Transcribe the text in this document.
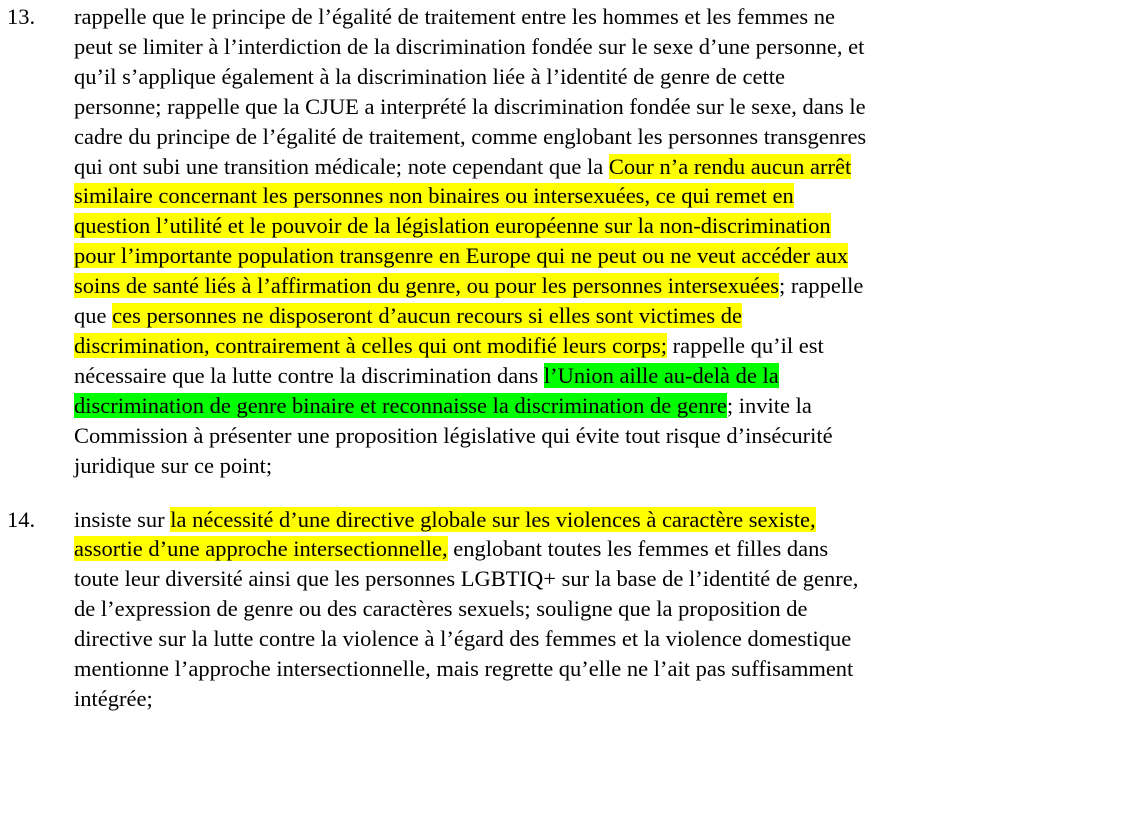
13. rappelle que le principe de l’égalité de traitement entre les hommes et les femmes ne
peut se limiter à l’interdiction de la discrimination fondée sur le sexe d’une personne, et
qu’il s’applique également à la discrimination liée à l’identité de genre de cette
personne; rappelle que la CJUE a interprété la discrimination fondée sur le sexe, dans le
cadre du principe de l’égalité de traitement, comme englobant les personnes transgenres
qui ont subi une transition médicale; note cependant que la Cour n’a rendu aucun arrêt
similaire concernant les personnes non binaires ou intersexuées, ce qui remet en
question l’utilité et le pouvoir de la législation européenne sur la non-discrimination
pour l’importante population transgenre en Europe qui ne peut ou ne veut accéder aux
soins de santé liés à l’affirmation du genre, ou pour les personnes intersexuées; rappelle
que ces personnes ne disposeront d’aucun recours si elles sont victimes de
discrimination, contrairement à celles qui ont modifié leurs corps; rappelle qu’il est
nécessaire que la lutte contre la discrimination dans l’Union aille au-delà de la
discrimination de genre binaire et reconnaisse la discrimination de genre; invite la
Commission à présenter une proposition législative qui évite tout risque d’insécurité
juridique sur ce point;
14. insiste sur la nécessité d’une directive globale sur les violences à caractère sexiste,
assortie d’une approche intersectionnelle, englobant toutes les femmes et filles dans
toute leur diversité ainsi que les personnes LGBTIQ+ sur la base de l’identité de genre,
de l’expression de genre ou des caractères sexuels; souligne que la proposition de
directive sur la lutte contre la violence à l’égard des femmes et la violence domestique
mentionne l’approche intersectionnelle, mais regrette qu’elle ne l’ait pas suffisamment
intégrée;
